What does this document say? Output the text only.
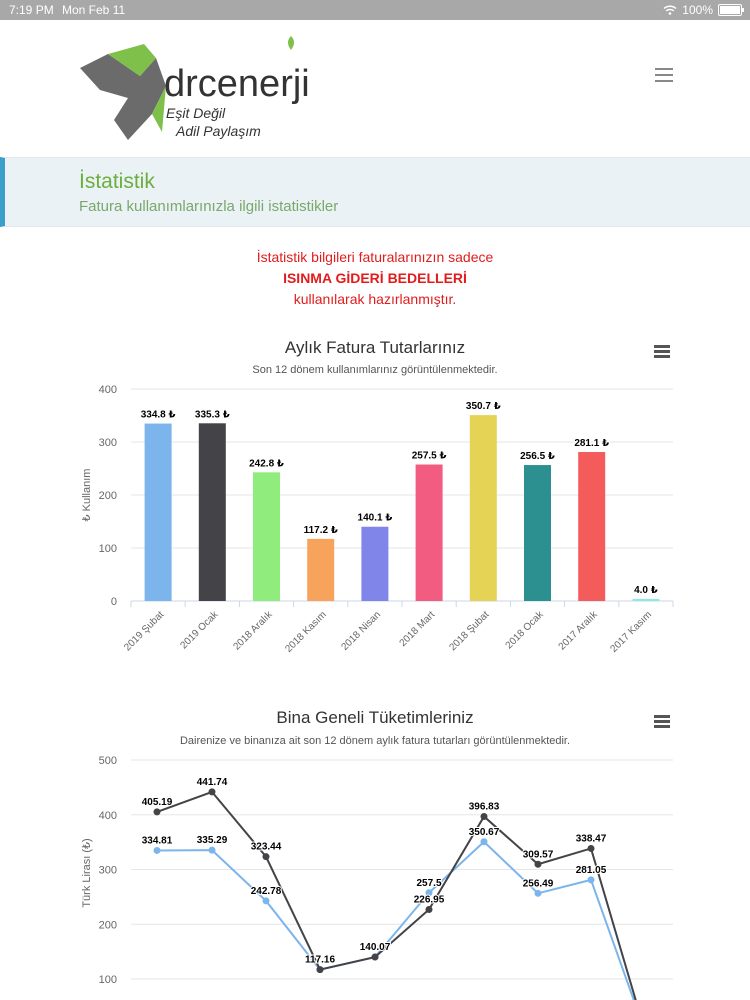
7:19 PM Mon Feb 11	100%
drcenerji
Eşit Değil
Adil Paylaşım
İstatistik
Fatura kullanımlarınızla ilgili istatistikler
İstatistik bilgileri faturalarınızın sadece
ISINMA GİDERİ BEDELLERİ
kullanılarak hazırlanmıştır.
Aylık Fatura Tutarlarınız
Son 12 dönem kullanımlarınız görüntülenmektedir.
0
100
200
300
400
₺ Kullanım
334.8 ₺
2019 Şubat
335.3 ₺
2019 Ocak
242.8 ₺
2018 Aralık
117.2 ₺
2018 Kasım
140.1 ₺
2018 Nisan
257.5 ₺
2018 Mart
350.7 ₺
2018 Şubat
256.5 ₺
2018 Ocak
281.1 ₺
2017 Aralık
4.0 ₺
2017 Kasım
Bina Geneli Tüketimleriniz
Dairenize ve binanıza ait son 12 dönem aylık fatura tutarları görüntülenmektedir.
100
200
300
400
500
Türk Lirası (₺)
405.19
441.74
323.44
117.16
140.07
226.95
396.83
309.57
338.47
334.81 335.29
242.78
257.5
350.67
256.49
281.05
